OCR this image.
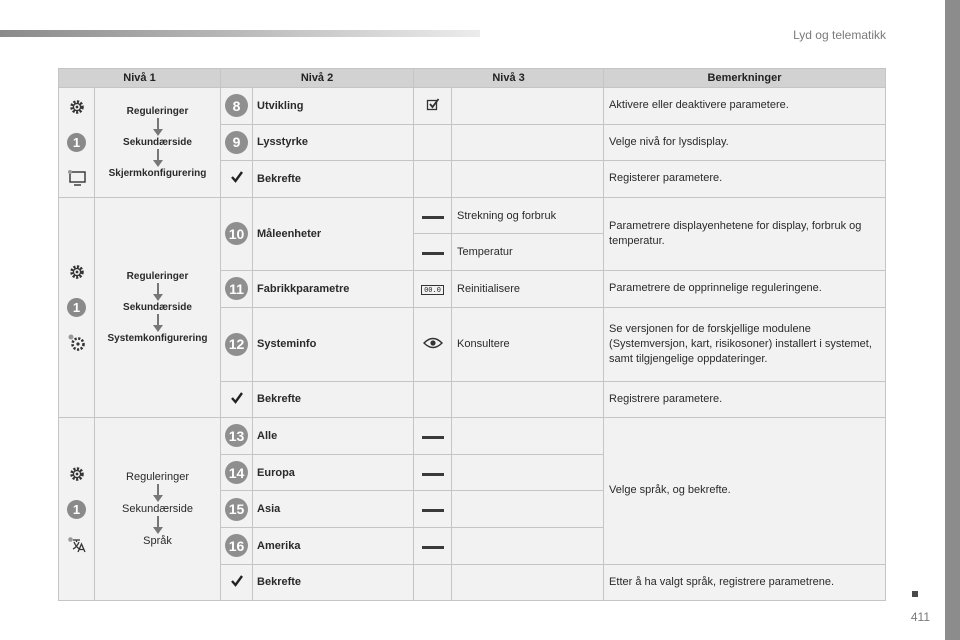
Lyd og telematikk
411
Nivå 1		Nivå 2		Nivå 3		Bemerkninger

1	Reguleringer
Sekundærside
Skjermkonfigurering	8	Utvikling			Aktivere eller deaktivere parametere.

9	Lysstyrke			Velge nivå for lysdisplay.
	Bekrefte			Registerer parametere.

1	Reguleringer
Sekundærside
Systemkonfigurering	10	Måleenheter		Strekning og forbruk	Parametrere displayenhetene for display, forbruk og temperatur.
					Temperatur	

11	Fabrikkparametre	00.0	Reinitialisere	Parametrere de opprinnelige reguleringene.

12	Systeminfo		Konsultere	Se versjonen for de forskjellige modulene (Systemversjon, kart, risikosoner) installert i systemet, samt tilgjengelige oppdateringer.
	Bekrefte			Registrere parametere.

1	Reguleringer
Sekundærside
Språk	13	Alle			Velge språk, og bekrefte.

14	Europa			

15	Asia			

16	Amerika			
	Bekrefte			Etter å ha valgt språk, registrere parametrene.
